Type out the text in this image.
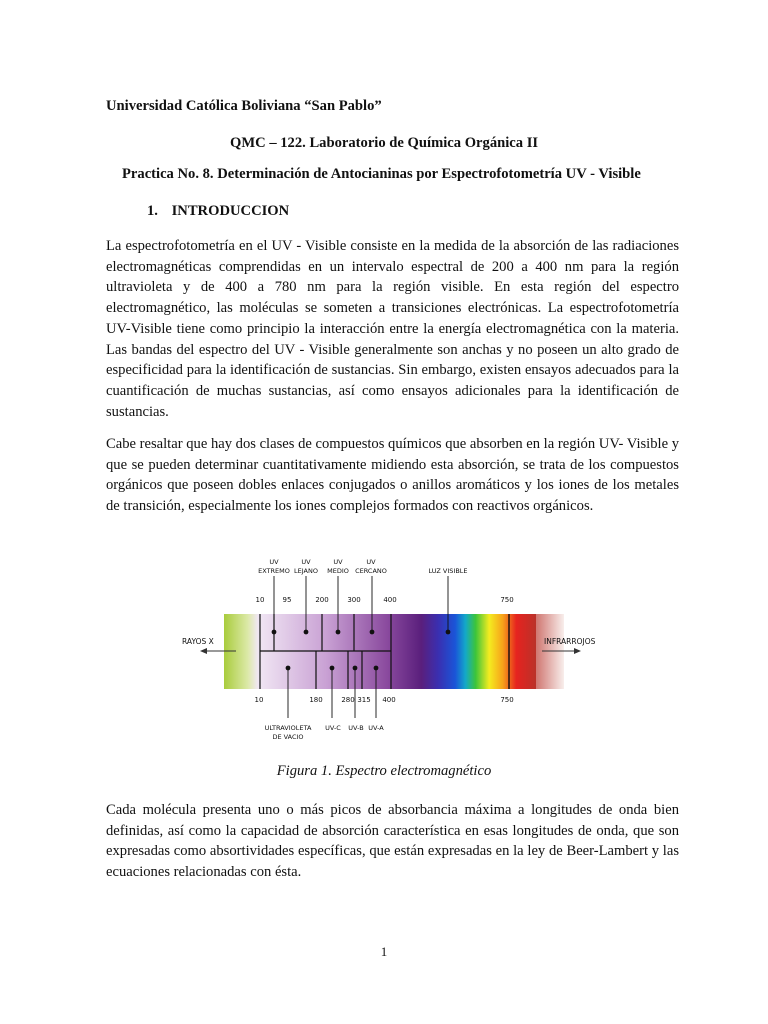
Universidad Católica Boliviana “San Pablo”
QMC – 122. Laboratorio de Química Orgánica II
Practica No. 8. Determinación de Antocianinas por Espectrofotometría UV - Visible
1. INTRODUCCION
La espectrofotometría en el UV - Visible consiste en la medida de la absorción de las radiaciones electromagnéticas comprendidas en un intervalo espectral de 200 a 400 nm para la región ultravioleta y de 400 a 780 nm para la región visible. En esta región del espectro electromagnético, las moléculas se someten a transiciones electrónicas. La espectrofotometría UV-Visible tiene como principio la interacción entre la energía electromagnética con la materia. Las bandas del espectro del UV - Visible generalmente son anchas y no poseen un alto grado de especificidad para la identificación de sustancias. Sin embargo, existen ensayos adecuados para la cuantificación de muchas sustancias, así como ensayos adicionales para la identificación de sustancias.
Cabe resaltar que hay dos clases de compuestos químicos que absorben en la región UV- Visible y que se pueden determinar cuantitativamente midiendo esta absorción, se trata de los compuestos orgánicos que poseen dobles enlaces conjugados o anillos aromáticos y los iones de los metales de transición, especialmente los iones complejos formados con reactivos orgánicos.
10	95	200	300	400	750
10	180	280 315 400	750
UV
EXTREMO
UV
LEJANO
UV
MEDIO
UV
CERCANO	LUZ VISIBLE
RAYOS X	INFRARROJOS
ULTRAVIOLETA
DE VACIO
UV-C UV-B UV-A
Figura 1. Espectro electromagnético
Cada molécula presenta uno o más picos de absorbancia máxima a longitudes de onda bien definidas, así como la capacidad de absorción característica en esas longitudes de onda, que son expresadas como absortividades específicas, que están expresadas en la ley de Beer-Lambert y las ecuaciones relacionadas con ésta.
1
